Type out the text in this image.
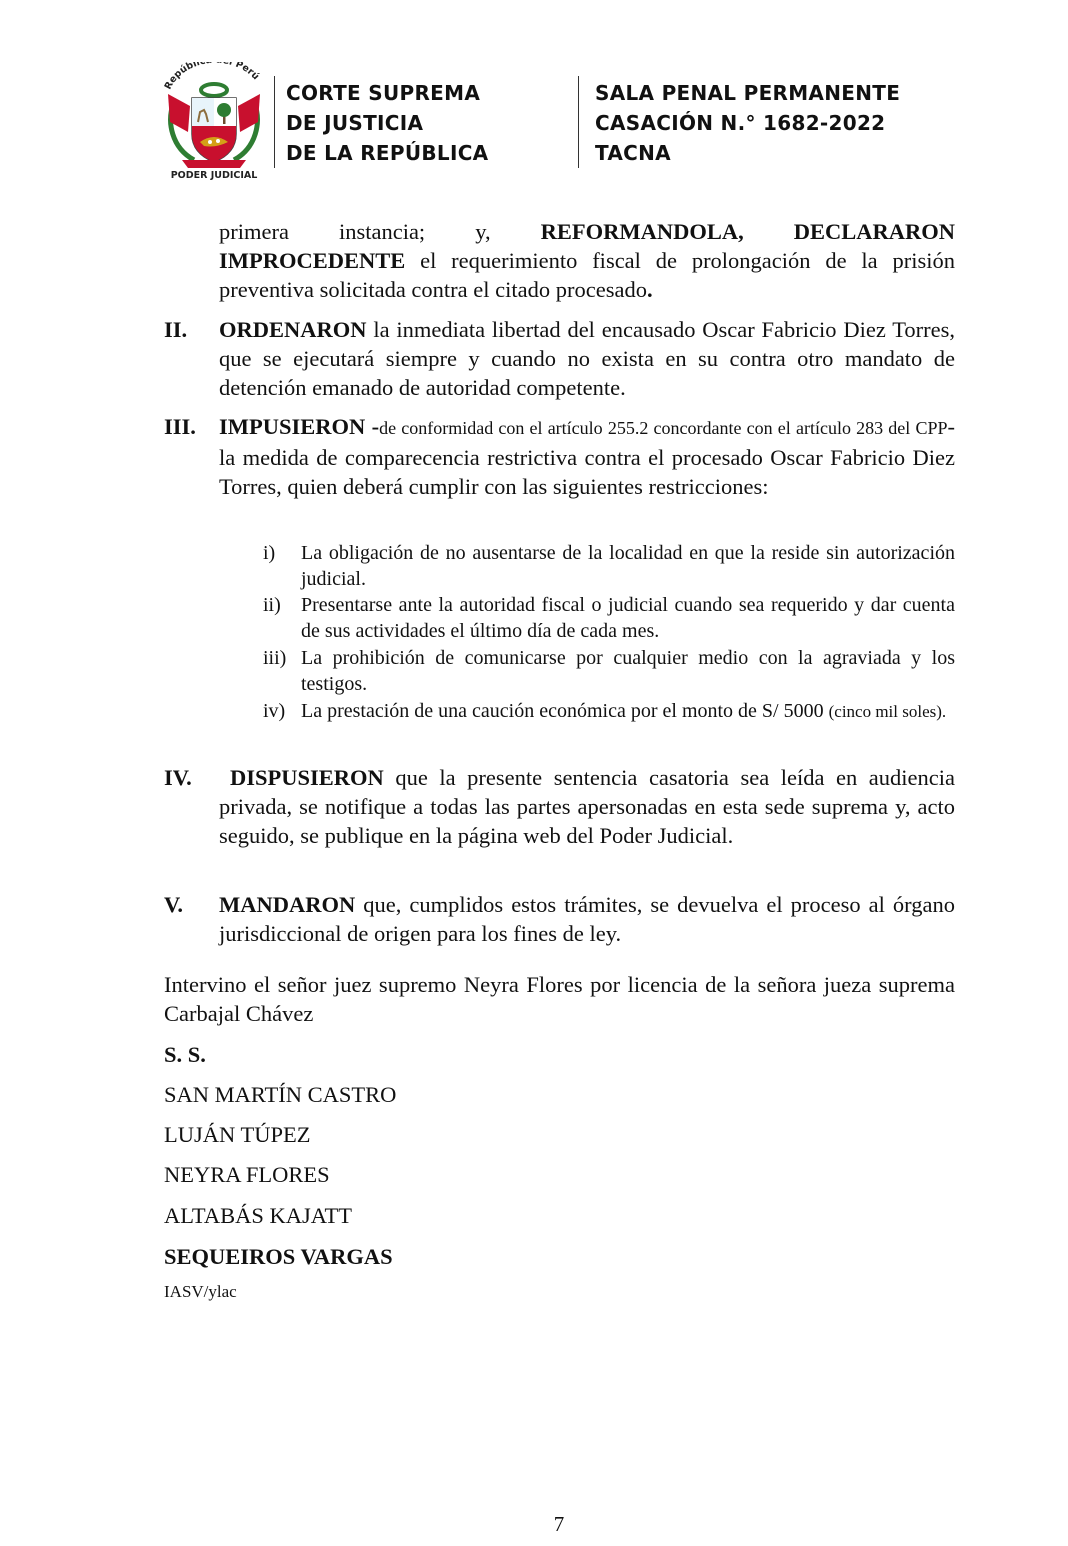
Repúbli l Perú
PODER JUDICIAL
CORTE SUPREMA
DE JUSTICIA
DE LA REPÚBLICA
SALA PENAL PERMANENTE
CASACIÓN N.° 1682-2022
TACNA
primera instancia; y, REFORMANDOLA, DECLARARON IMPROCEDENTE el requerimiento fiscal de prolongación de la prisión preventiva solicitada contra el citado procesado.
II. ORDENARON la inmediata libertad del encausado Oscar Fabricio Diez Torres, que se ejecutará siempre y cuando no exista en su contra otro mandato de detención emanado de autoridad competente.
III. IMPUSIERON -de conformidad con el artículo 255.2 concordante con el artículo 283 del CPP- la medida de comparecencia restrictiva contra el procesado Oscar Fabricio Diez Torres, quien deberá cumplir con las siguientes restricciones:
i) La obligación de no ausentarse de la localidad en que la reside sin autorización judicial.
ii) Presentarse ante la autoridad fiscal o judicial cuando sea requerido y dar cuenta de sus actividades el último día de cada mes.
iii) La prohibición de comunicarse por cualquier medio con la agraviada y los testigos.
iv) La prestación de una caución económica por el monto de S/ 5000 (cinco mil soles).
IV.	DISPUSIERON que la presente sentencia casatoria sea leída en audiencia privada, se notifique a todas las partes apersonadas en esta sede suprema y, acto seguido, se publique en la página web del Poder Judicial.
V. MANDARON que, cumplidos estos trámites, se devuelva el proceso al órgano jurisdiccional de origen para los fines de ley.
Intervino el señor juez supremo Neyra Flores por licencia de la señora jueza suprema Carbajal Chávez
S. S.
SAN MARTÍN CASTRO
LUJÁN TÚPEZ
NEYRA FLORES
ALTABÁS KAJATT
SEQUEIROS VARGAS
IASV/ylac
7
